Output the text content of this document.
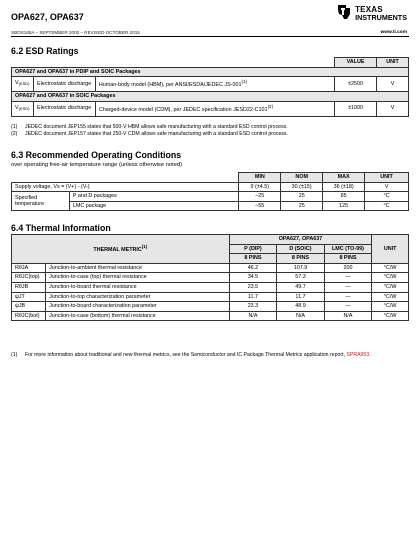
OPA627, OPA637
TEXAS
INSTRUMENTS
SBOS165A – SEPTEMBER 2000 – REVISED OCTOBER 2015	www.ti.com
6.2 ESD Ratings
			VALUE	UNIT
OPA627 and OPA637 in PDIP and SOIC Packages				
$V_{(ESD)}$	Electrostatic discharge	Human-body model (HBM), per ANSI/ESDA/JEDEC $JS-001^{(1)}$	±2500	V
OPA627 and OPA637 in SOIC Packages				
$V_{(ESD)}$	Electrostatic discharge	Charged-device model (CDM), per JEDEC specification $JESD22-C101^{(2)}$	±1000	V
(1) JEDEC document JEP155 states that 500-V HBM allows safe manufacturing with a standard ESD control process.
(2) JEDEC document JEP157 states that 250-V CDM allows safe manufacturing with a standard ESD control process.
6.3 Recommended Operating Conditions
over operating free-air temperature range (unless otherwise noted)
		MIN	NOM	MAX	UNIT
Supply voltage, Vs = (V+) - (V-)		9 (±4.5)	30 (±15)	36 (±18)	V
Specified temperature	P and D packages	–25	25	85	°C
	LMC package	–55	25	125	°C
6.4 Thermal Information
THERMAL METRIC$^{(1)}$		OPA627, OPA637			UNIT
		P (DIP)	D (SOIC)	LMC (TO-99)	
		8 PINS	8 PINS	8 PINS	
RθJA	Junction-to-ambient thermal resistance	46.2	107.9	200	°C/W
RθJC(top)	Junction-to-case (top) thermal resistance	34.5	57.3	—	°C/W
RθJB	Junction-to-board thermal resistance	23.5	49.7	—	°C/W
ψJT	Junction-to-top characterization parameter	11.7	11.7	—	°C/W
ψJB	Junction-to-board characterization parameter	23.3	48.9	—	°C/W
RθJC(bot)	Junction-to-case (bottom) thermal resistance	N/A	N/A	N/A	°C/W
(1) For more information about traditional and new thermal metrics, see the Semiconductor and IC Package Thermal Metrics application report, SPRA953.
